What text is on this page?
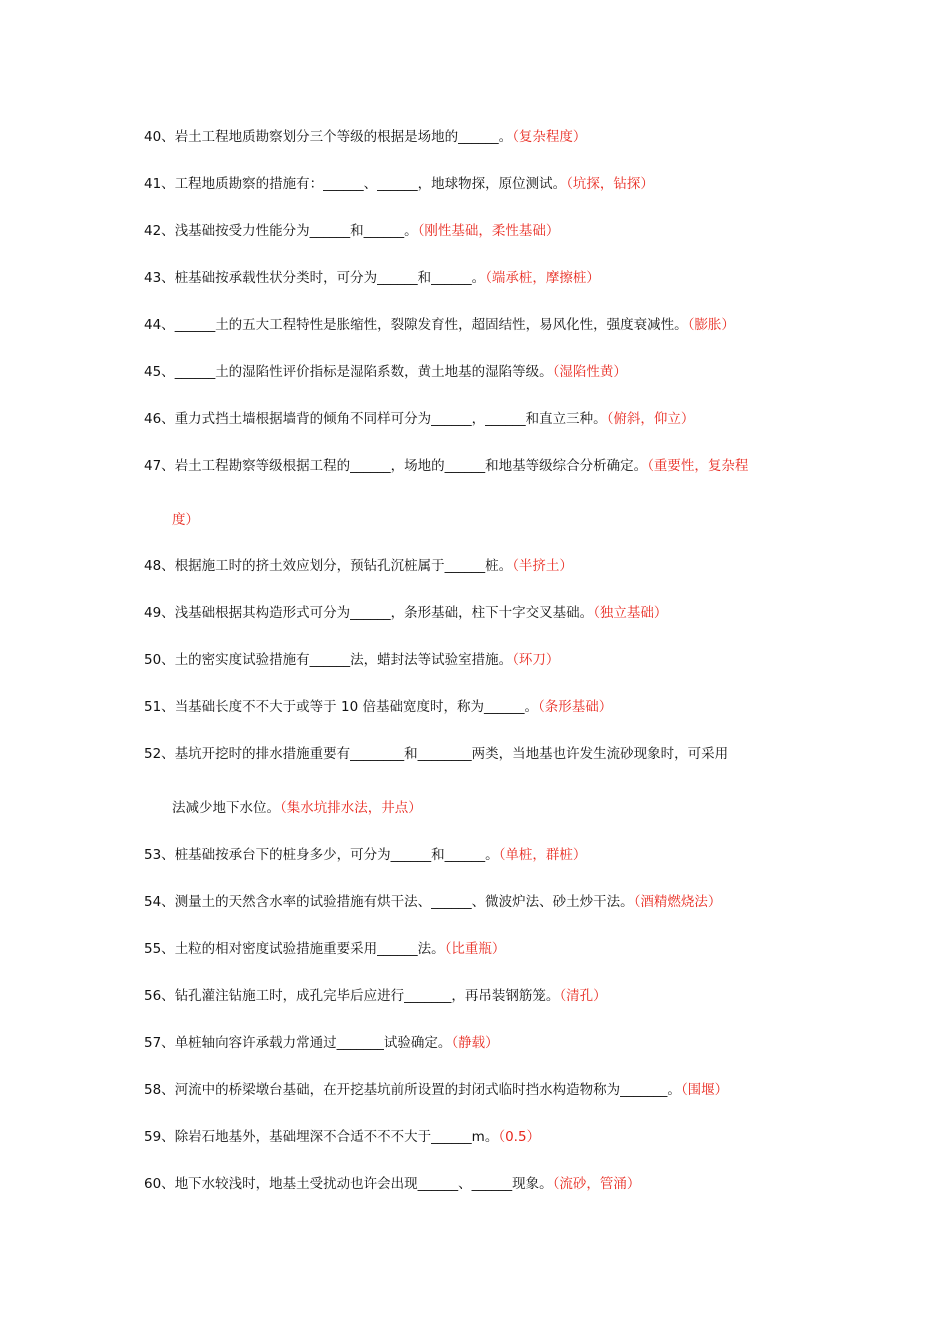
40、岩土工程地质勘察划分三个等级的根据是场地的______。（复杂程度）
41、工程地质勘察的措施有：______、______，地球物探，原位测试。（坑探，钻探）
42、浅基础按受力性能分为______和______。（刚性基础，柔性基础）
43、桩基础按承载性状分类时，可分为______和______。（端承桩，摩擦桩）
44、______土的五大工程特性是胀缩性，裂隙发育性，超固结性，易风化性，强度衰减性。（膨胀）
45、______土的湿陷性评价指标是湿陷系数，黄土地基的湿陷等级。（湿陷性黄）
46、重力式挡土墙根据墙背的倾角不同样可分为______，______和直立三种。（俯斜，仰立）
47、岩土工程勘察等级根据工程的______，场地的______和地基等级综合分析确定。（重要性，复杂程
度）
48、根据施工时的挤土效应划分，预钻孔沉桩属于______桩。（半挤土）
49、浅基础根据其构造形式可分为______，条形基础，柱下十字交叉基础。（独立基础）
50、土的密实度试验措施有______法，蜡封法等试验室措施。（环刀）
51、当基础长度不不大于或等于 10 倍基础宽度时，称为______。（条形基础）
52、基坑开挖时的排水措施重要有________和________两类，当地基也许发生流砂现象时，可采用
法减少地下水位。（集水坑排水法，井点）
53、桩基础按承台下的桩身多少，可分为______和______。（单桩，群桩）
54、测量土的天然含水率的试验措施有烘干法、______、微波炉法、砂土炒干法。（酒精燃烧法）
55、土粒的相对密度试验措施重要采用______法。（比重瓶）
56、钻孔灌注钻施工时，成孔完毕后应进行_______，再吊装钢筋笼。（清孔）
57、单桩轴向容许承载力常通过_______试验确定。（静载）
58、河流中的桥梁墩台基础，在开挖基坑前所设置的封闭式临时挡水构造物称为_______。（围堰）
59、除岩石地基外，基础埋深不合适不不不大于______m。（0.5）
60、地下水较浅时，地基土受扰动也许会出现______、______现象。（流砂，管涌）
